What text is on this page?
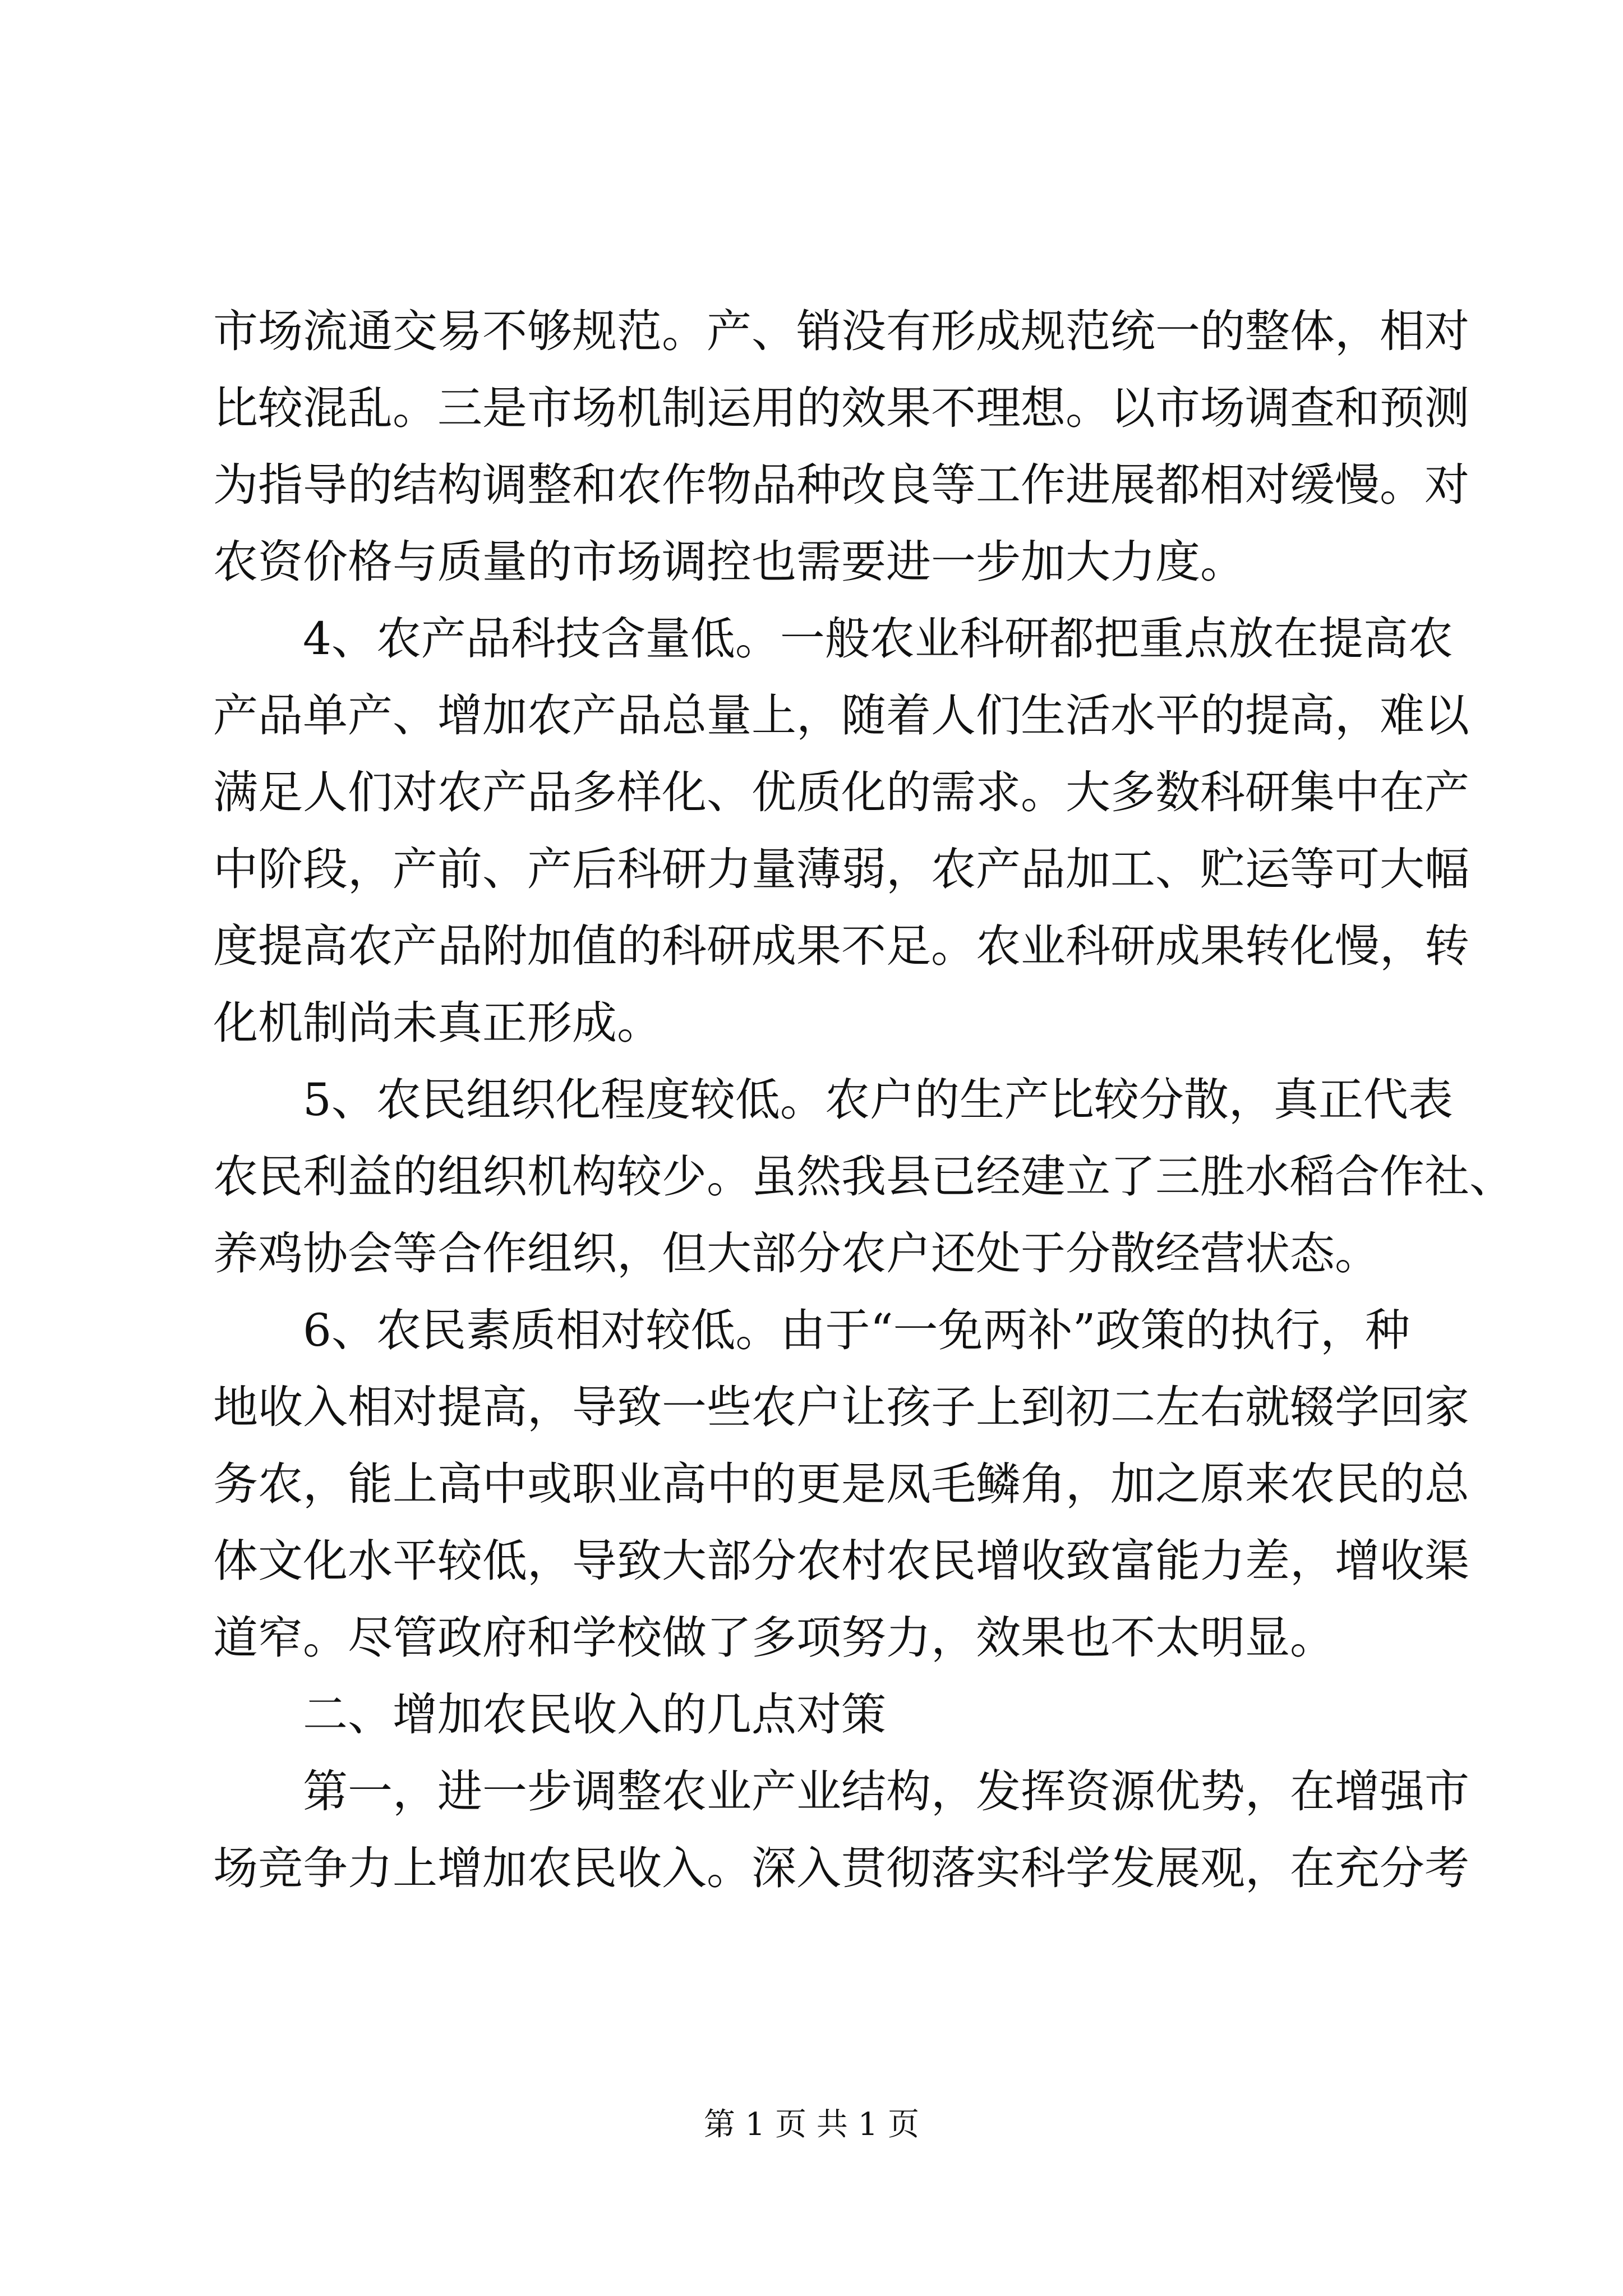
市场流通交易不够规范。产、销没有形成规范统一的整体，相对
比较混乱。三是市场机制运用的效果不理想。以市场调查和预测
为指导的结构调整和农作物品种改良等工作进展都相对缓慢。对
农资价格与质量的市场调控也需要进一步加大力度。
4、农产品科技含量低。一般农业科研都把重点放在提高农
产品单产、增加农产品总量上，随着人们生活水平的提高，难以
满足人们对农产品多样化、优质化的需求。大多数科研集中在产
中阶段，产前、产后科研力量薄弱，农产品加工、贮运等可大幅
度提高农产品附加值的科研成果不足。农业科研成果转化慢，转
化机制尚未真正形成。
5、农民组织化程度较低。农户的生产比较分散，真正代表
农民利益的组织机构较少。虽然我县已经建立了三胜水稻合作社、
养鸡协会等合作组织，但大部分农户还处于分散经营状态。
6、农民素质相对较低。由于“一免两补”政策的执行，种
地收入相对提高，导致一些农户让孩子上到初二左右就辍学回家
务农，能上高中或职业高中的更是凤毛鳞角，加之原来农民的总
体文化水平较低，导致大部分农村农民增收致富能力差，增收渠
道窄。尽管政府和学校做了多项努力，效果也不太明显。
二、增加农民收入的几点对策
第一，进一步调整农业产业结构，发挥资源优势，在增强市
场竞争力上增加农民收入。深入贯彻落实科学发展观，在充分考
第 1 页 共 1 页
